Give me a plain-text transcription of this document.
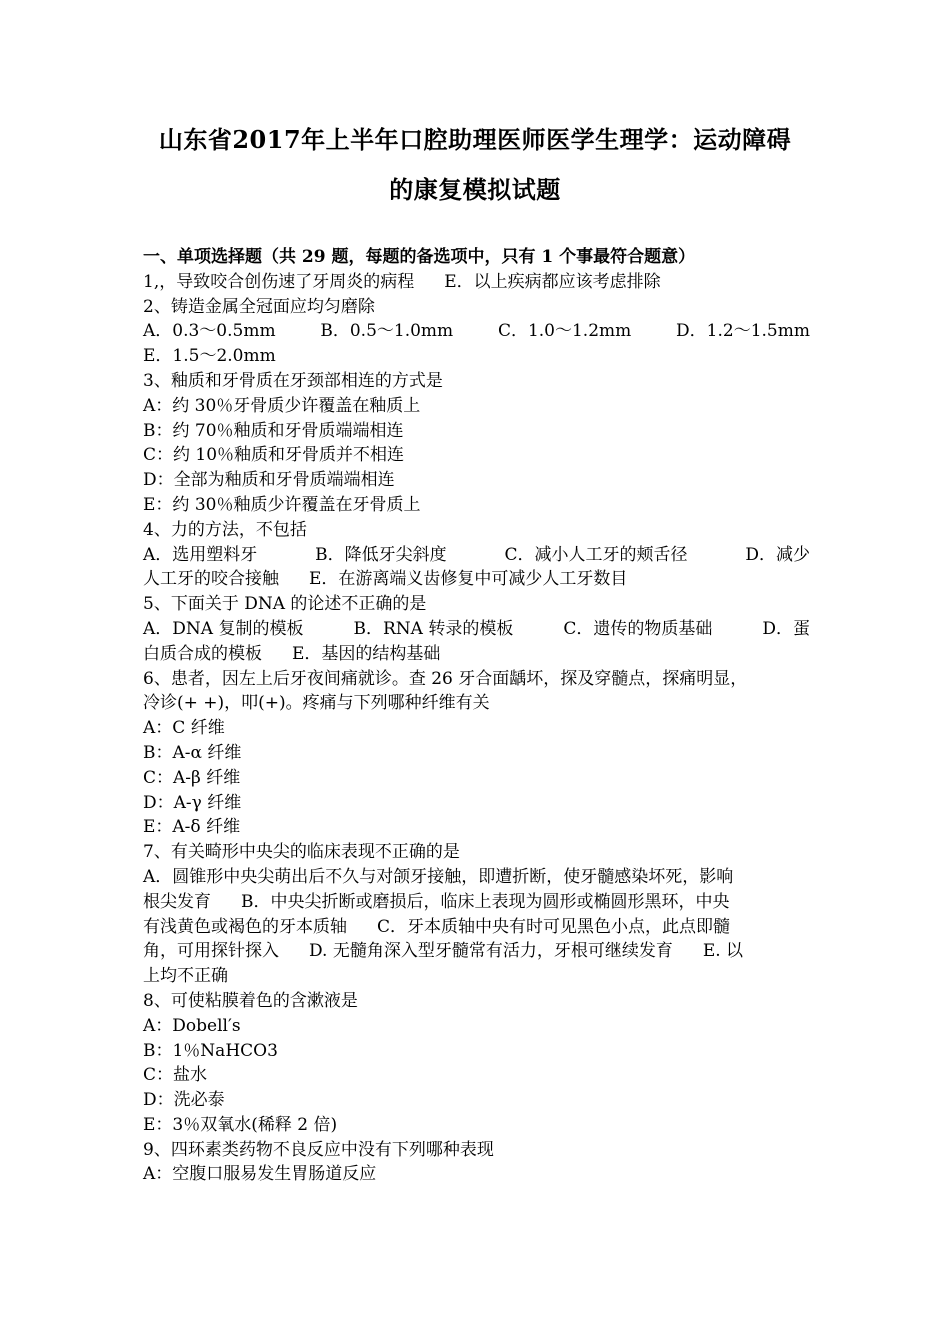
山东省2017年上半年口腔助理医师医学生理学：运动障碍
的康复模拟试题
一、单项选择题（共 29 题，每题的备选项中，只有 1 个事最符合题意）
1,，导致咬合创伤速了牙周炎的病程 E．以上疾病都应该考虑排除
2、铸造金属全冠面应均匀磨除
A．0.3～0.5mm	B．0.5～1.0mm	C．1.0～1.2mm	D．1.2～1.5mm
E．1.5～2.0mm
3、釉质和牙骨质在牙颈部相连的方式是
A：约 30％牙骨质少许覆盖在釉质上
B：约 70％釉质和牙骨质端端相连
C：约 10％釉质和牙骨质并不相连
D：全部为釉质和牙骨质端端相连
E：约 30％釉质少许覆盖在牙骨质上
4、力的方法，不包括
A．选用塑料牙	B．降低牙尖斜度	C．减小人工牙的颊舌径	D．减少
人工牙的咬合接触 E．在游离端义齿修复中可减少人工牙数目
5、下面关于 DNA 的论述不正确的是
A．DNA 复制的模板	B．RNA 转录的模板	C．遗传的物质基础	D．蛋
白质合成的模板 E．基因的结构基础
6、患者，因左上后牙夜间痛就诊。查 26 牙合面龋坏，探及穿髓点，探痛明显，
冷诊(+ +)，叩(+)。疼痛与下列哪种纤维有关
A：C 纤维
B：A-α 纤维
C：A-β 纤维
D：A-γ 纤维
E：A-δ 纤维
7、有关畸形中央尖的临床表现不正确的是
A．圆锥形中央尖萌出后不久与对颌牙接触，即遭折断，使牙髓感染坏死，影响
根尖发育 B．中央尖折断或磨损后，临床上表现为圆形或椭圆形黑环，中央
有浅黄色或褐色的牙本质轴 C．牙本质轴中央有时可见黑色小点，此点即髓
角，可用探针探入 D. 无髓角深入型牙髓常有活力，牙根可继续发育 E. 以
上均不正确
8、可使粘膜着色的含漱液是
A：Dobell′s
B：1％NaHCO3
C：盐水
D：洗必泰
E：3％双氧水(稀释 2 倍)
9、四环素类药物不良反应中没有下列哪种表现
A：空腹口服易发生胃肠道反应
